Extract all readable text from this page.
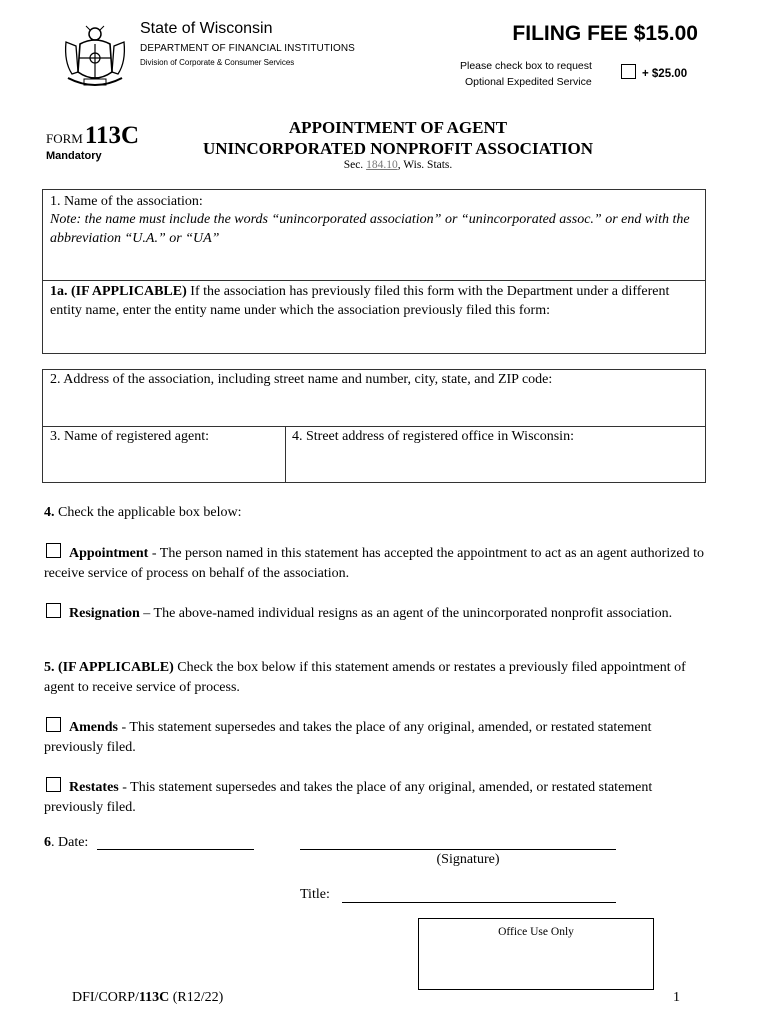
State of Wisconsin
DEPARTMENT OF FINANCIAL INSTITUTIONS
Division of Corporate & Consumer Services
FILING FEE $15.00
Please check box to request
Optional Expedited Service
+ $25.00
FORM113C
Mandatory
APPOINTMENT OF AGENT
UNINCORPORATED NONPROFIT ASSOCIATION
Sec. 184.10, Wis. Stats.
1. Name of the association:
Note: the name must include the words “unincorporated association” or “unincorporated assoc.” or end with the abbreviation “U.A.” or “UA”
1a. (IF APPLICABLE) If the association has previously filed this form with the Department under a different entity name, enter the entity name under which the association previously filed this form:
2. Address of the association, including street name and number, city, state, and ZIP code:
3. Name of registered agent:	4. Street address of registered office in Wisconsin:
4. Check the applicable box below:
Appointment - The person named in this statement has accepted the appointment to act as an agent authorized to receive service of process on behalf of the association.
Resignation – The above-named individual resigns as an agent of the unincorporated nonprofit association.
5. (IF APPLICABLE) Check the box below if this statement amends or restates a previously filed appointment of agent to receive service of process.
Amends - This statement supersedes and takes the place of any original, amended, or restated statement previously filed.
Restates - This statement supersedes and takes the place of any original, amended, or restated statement previously filed.
6. Date:
(Signature)
Title:
Office Use Only
DFI/CORP/113C (R12/22)	1
